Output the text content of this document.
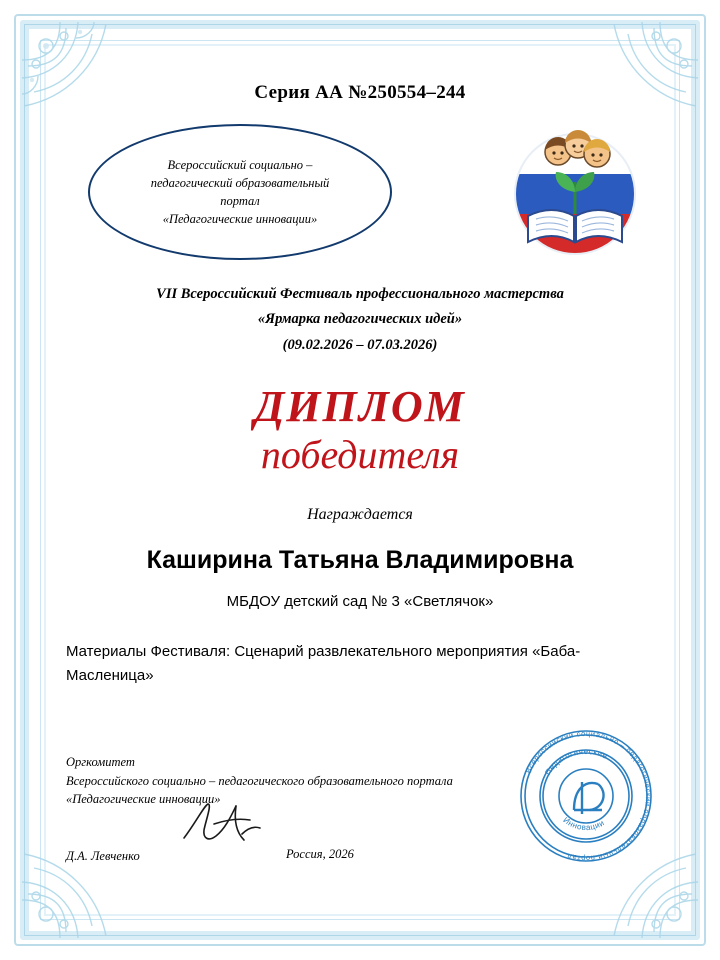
Серия АА №250554–244
Всероссийский социально –
педагогический образовательный
портал
«Педагогические инновации»
VII Всероссийский Фестиваль профессионального мастерства
«Ярмарка педагогических идей»
(09.02.2026 – 07.03.2026)
ДИПЛОМ
победителя
Награждается
Каширина Татьяна Владимировна
МБДОУ детский сад № 3 «Светлячок»
Материалы Фестиваля: Сценарий развлекательного мероприятия «Баба-Масленица»
Оргкомитет
Всероссийского социально – педагогического образовательного портала
«Педагогические инновации»
Д.А. Левченко	Россия, 2026
Всероссийский социально – педагогический образовательный портал
Педагогические
Инновации
